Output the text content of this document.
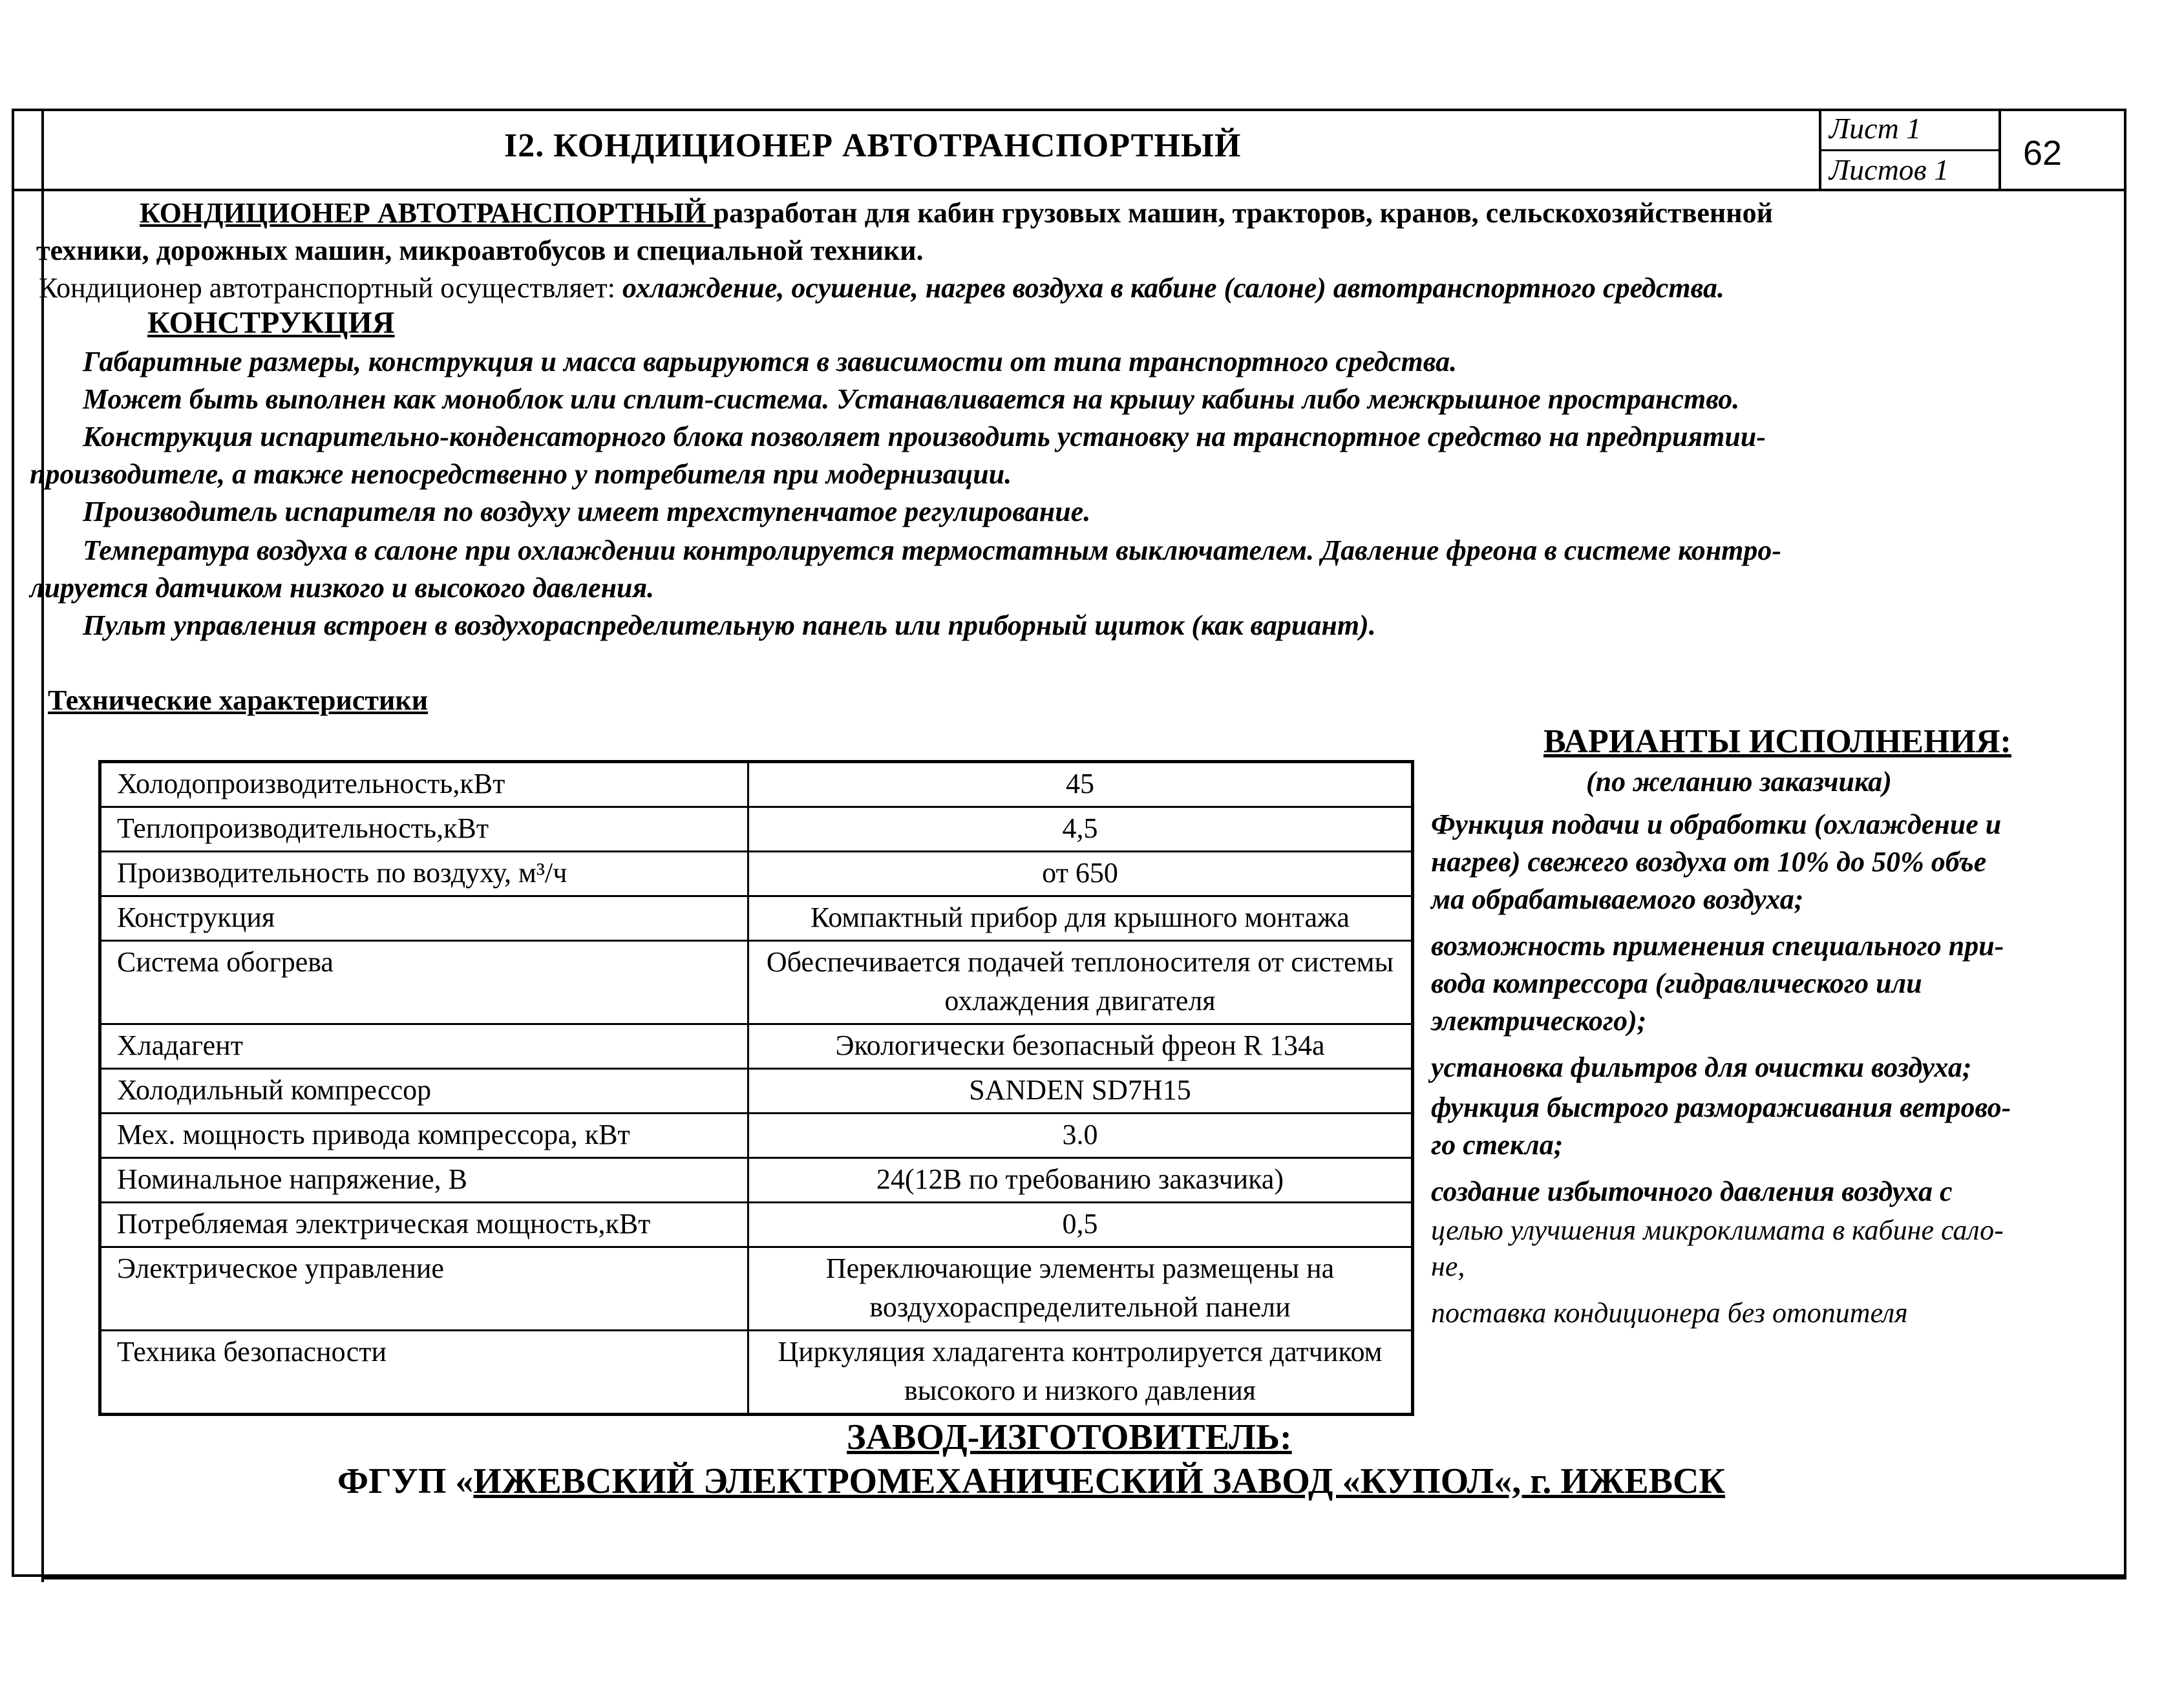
I2. КОНДИЦИОНЕР АВТОТРАНСПОРТНЫЙ	Лист 1
Листов 1 62
КОНДИЦИОНЕР АВТОТРАНСПОРТНЫЙ разработан для кабин грузовых машин, тракторов, кранов, сельскохозяйственной
техники, дорожных машин, микроавтобусов и специальной техники.
Кондиционер автотранспортный осуществляет: охлаждение, осушение, нагрев воздуха в кабине (салоне) автотранспортного средства.
КОНСТРУКЦИЯ
Габаритные размеры, конструкция и масса варьируются в зависимости от типа транспортного средства.
Может быть выполнен как моноблок или сплит-система. Устанавливается на крышу кабины либо межкрышное пространство.
Конструкция испарительно-конденсаторного блока позволяет производить установку на транспортное средство на предприятии-
производителе, а также непосредственно у потребителя при модернизации.
Производитель испарителя по воздуху имеет трехступенчатое регулирование.
Температура воздуха в салоне при охлаждении контролируется термостатным выключателем. Давление фреона в системе контро-
лируется датчиком низкого и высокого давления.
Пульт управления встроен в воздухораспределительную панель или приборный щиток (как вариант).
Технические характеристики
Холодопроизводительность,кВт	45
Теплопроизводительность,кВт	4,5
Производительность по воздуху, м³/ч	от 650
Конструкция	Компактный прибор для крышного монтажа
Система обогрева	Обеспечивается подачей теплоносителя от системы охлаждения двигателя
Хладагент	Экологически безопасный фреон R 134а
Холодильный компрессор	SANDEN SD7H15
Мех. мощность привода компрессора, кВт	3.0
Номинальное напряжение, В	24(12В по требованию заказчика)
Потребляемая электрическая мощность,кВт	0,5
Электрическое управление	Переключающие элементы размещены на воздухораспределительной панели
Техника безопасности	Циркуляция хладагента контролируется датчиком высокого и низкого давления
ВАРИАНТЫ ИСПОЛНЕНИЯ:
(по желанию заказчика)
Функция подачи и обработки (охлаждение и
нагрев) свежего воздуха от 10% до 50% объе
ма обрабатываемого воздуха;
возможность применения специального при-
вода компрессора (гидравлического или
электрического);
установка фильтров для очистки воздуха;
функция быстрого размораживания ветрово-
го стекла;
создание избыточного давления воздуха с
целью улучшения микроклимата в кабине сало-
не,
поставка кондиционера без отопителя
ЗАВОД-ИЗГОТОВИТЕЛЬ:
ФГУП «ИЖЕВСКИЙ ЭЛЕКТРОМЕХАНИЧЕСКИЙ ЗАВОД «КУПОЛ«, г. ИЖЕВСК
